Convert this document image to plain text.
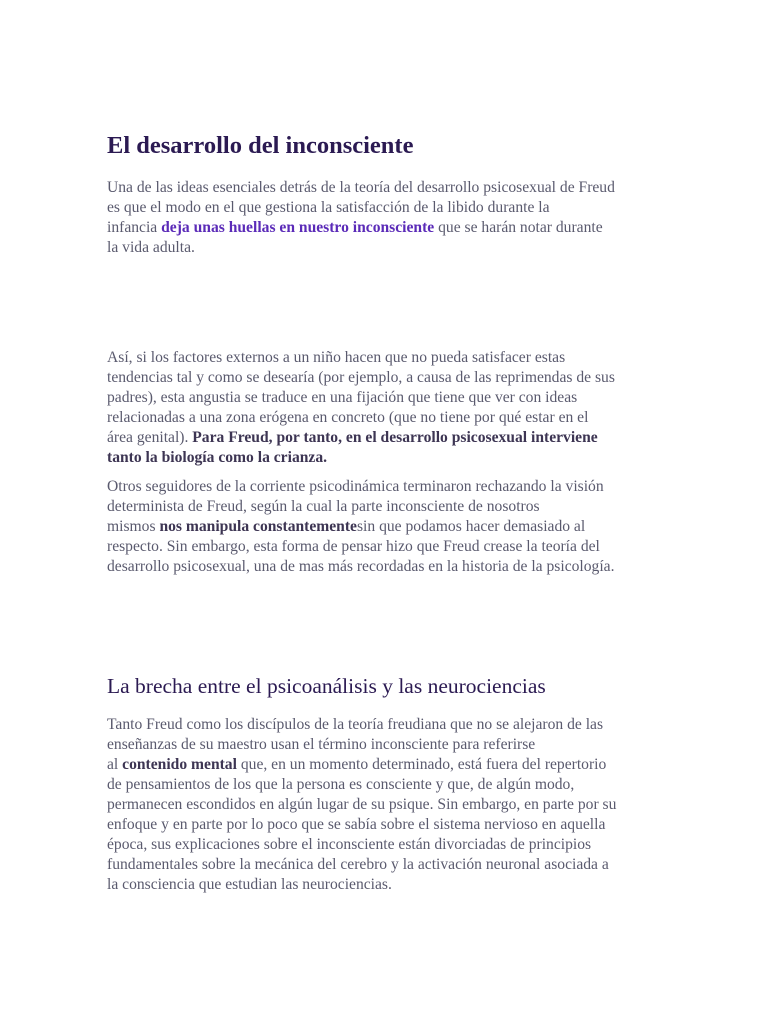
El desarrollo del inconsciente
Una de las ideas esenciales detrás de la teoría del desarrollo psicosexual de Freud
es que el modo en el que gestiona la satisfacción de la libido durante la
infancia deja unas huellas en nuestro inconsciente que se harán notar durante
la vida adulta.
Así, si los factores externos a un niño hacen que no pueda satisfacer estas
tendencias tal y como se desearía (por ejemplo, a causa de las reprimendas de sus
padres), esta angustia se traduce en una fijación que tiene que ver con ideas
relacionadas a una zona erógena en concreto (que no tiene por qué estar en el
área genital). Para Freud, por tanto, en el desarrollo psicosexual interviene
tanto la biología como la crianza.
Otros seguidores de la corriente psicodinámica terminaron rechazando la visión
determinista de Freud, según la cual la parte inconsciente de nosotros
mismos nos manipula constantementesin que podamos hacer demasiado al
respecto. Sin embargo, esta forma de pensar hizo que Freud crease la teoría del
desarrollo psicosexual, una de mas más recordadas en la historia de la psicología.
La brecha entre el psicoanálisis y las neurociencias
Tanto Freud como los discípulos de la teoría freudiana que no se alejaron de las
enseñanzas de su maestro usan el término inconsciente para referirse
al contenido mental que, en un momento determinado, está fuera del repertorio
de pensamientos de los que la persona es consciente y que, de algún modo,
permanecen escondidos en algún lugar de su psique. Sin embargo, en parte por su
enfoque y en parte por lo poco que se sabía sobre el sistema nervioso en aquella
época, sus explicaciones sobre el inconsciente están divorciadas de principios
fundamentales sobre la mecánica del cerebro y la activación neuronal asociada a
la consciencia que estudian las neurociencias.
